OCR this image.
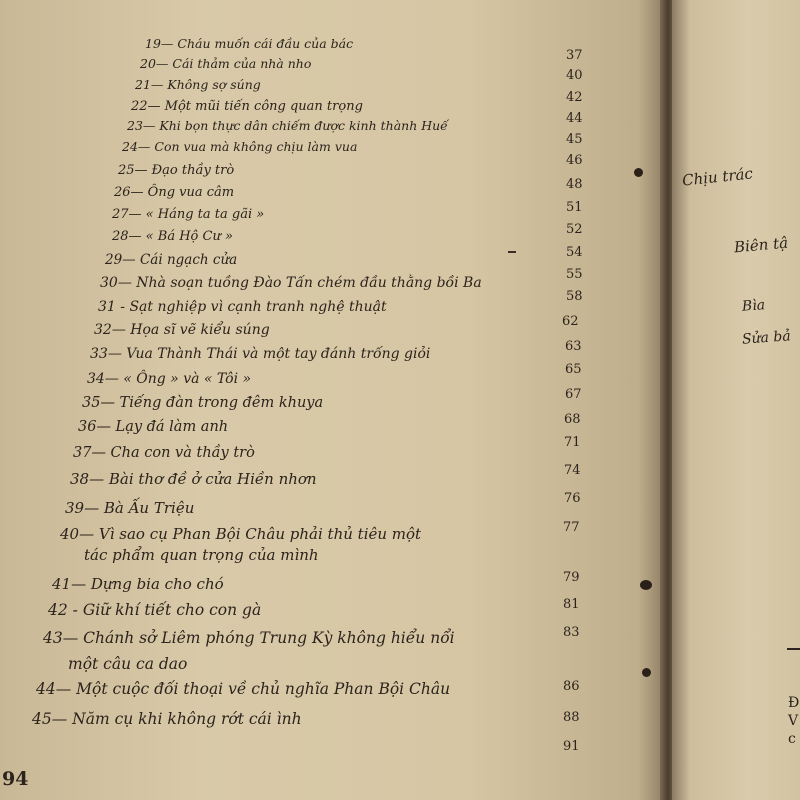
19— Cháu muốn cái đầu của bác
37
20— Cái thảm của nhà nho
40
21— Không sợ súng
42
22— Một mũi tiến công quan trọng
44
23— Khi bọn thực dân chiếm được kinh thành Huế
45
24— Con vua mà không chịu làm vua
46
25— Đạo thầy trò
48
26— Ông vua câm
51
27— « Háng ta ta gãi »
52
28— « Bá Hộ Cư »
54
29— Cái ngạch cửa
55
30— Nhà soạn tuồng Đào Tấn chém đầu thằng bồi Ba
58
31 - Sạt nghiệp vì cạnh tranh nghệ thuật
62
32— Họa sĩ vẽ kiểu súng
63
33— Vua Thành Thái và một tay đánh trống giỏi
65
34— « Ông » và « Tôi »
67
35— Tiếng đàn trong đêm khuya
68
36— Lạy đá làm anh
71
37— Cha con và thầy trò
74
38— Bài thơ đề ở cửa Hiền nhơn
76
39— Bà Ấu Triệu
77
40— Vì sao cụ Phan Bội Châu phải thủ tiêu một
tác phẩm quan trọng của mình
79
41— Dựng bia cho chó
81
42 - Giữ khí tiết cho con gà
83
43— Chánh sở Liêm phóng Trung Kỳ không hiểu nổi
một câu ca dao
86
44— Một cuộc đối thoại về chủ nghĩa Phan Bội Châu
88
45— Năm cụ khi không rớt cái ình
91
94
Chịu trác
Biên tậ
Bìa
Sửa bả
Đ
V
c
